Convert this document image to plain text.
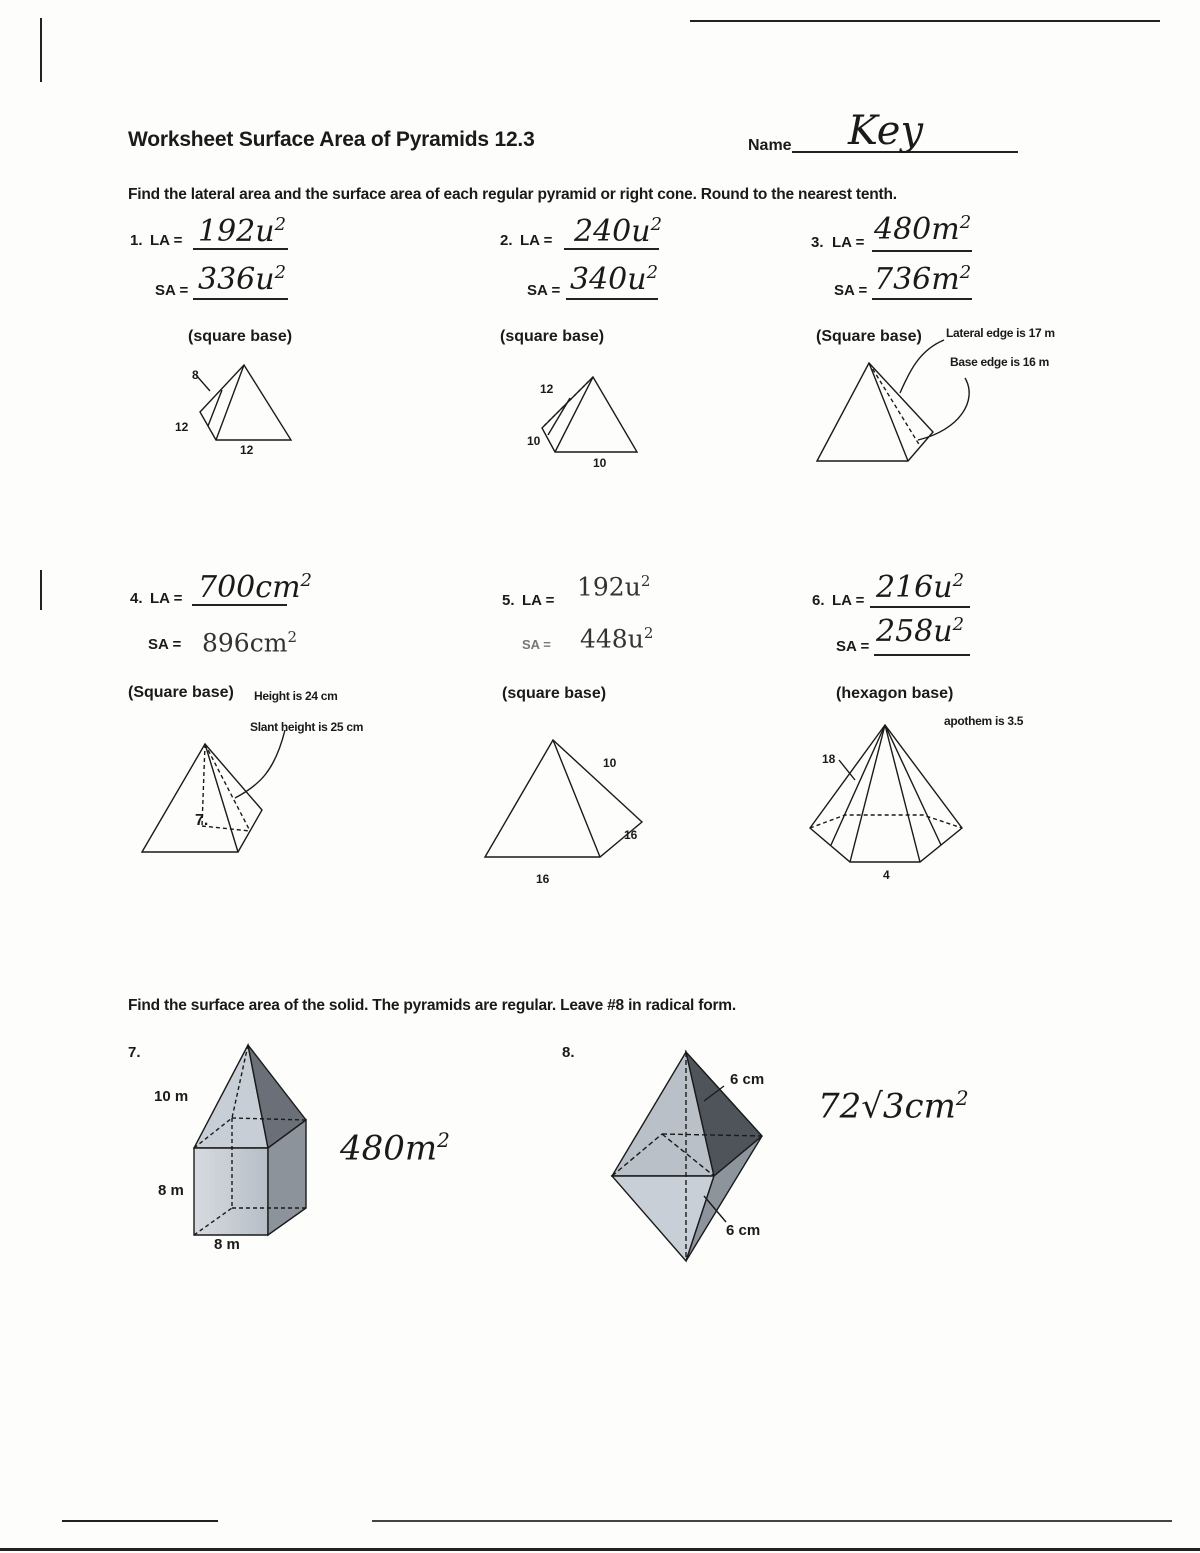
Worksheet Surface Area of Pyramids 12.3	Name Key
Find the lateral area and the surface area of each regular pyramid or right cone. Round to the nearest tenth.
1. LA = $192u^2$
SA = $336u^2$
(square base)
8
12
12
2. LA = $240u^2$
SA = $340u^2$
(square base)
12
10
10
3. LA = $480m^2$
SA = $736m^2$
(Square base) Lateral edge is 17 m
Base edge is 16 m
4. LA = $700cm^2$
SA = $896cm^2$
(Square base) Height is 24 cm
Slant height is 25 cm
7.
5. LA = $192u^2$
SA = $448u^2$
(square base)
10
16
16
6. LA = $216u^2$
SA = $258u^2$
(hexagon base)
apothem is 3.5
18
4
Find the surface area of the solid. The pyramids are regular. Leave #8 in radical form.
7.
10 m
8 m
8 m
$480m^2$
8.
6 cm
6 cm
$72√3cm^2$
